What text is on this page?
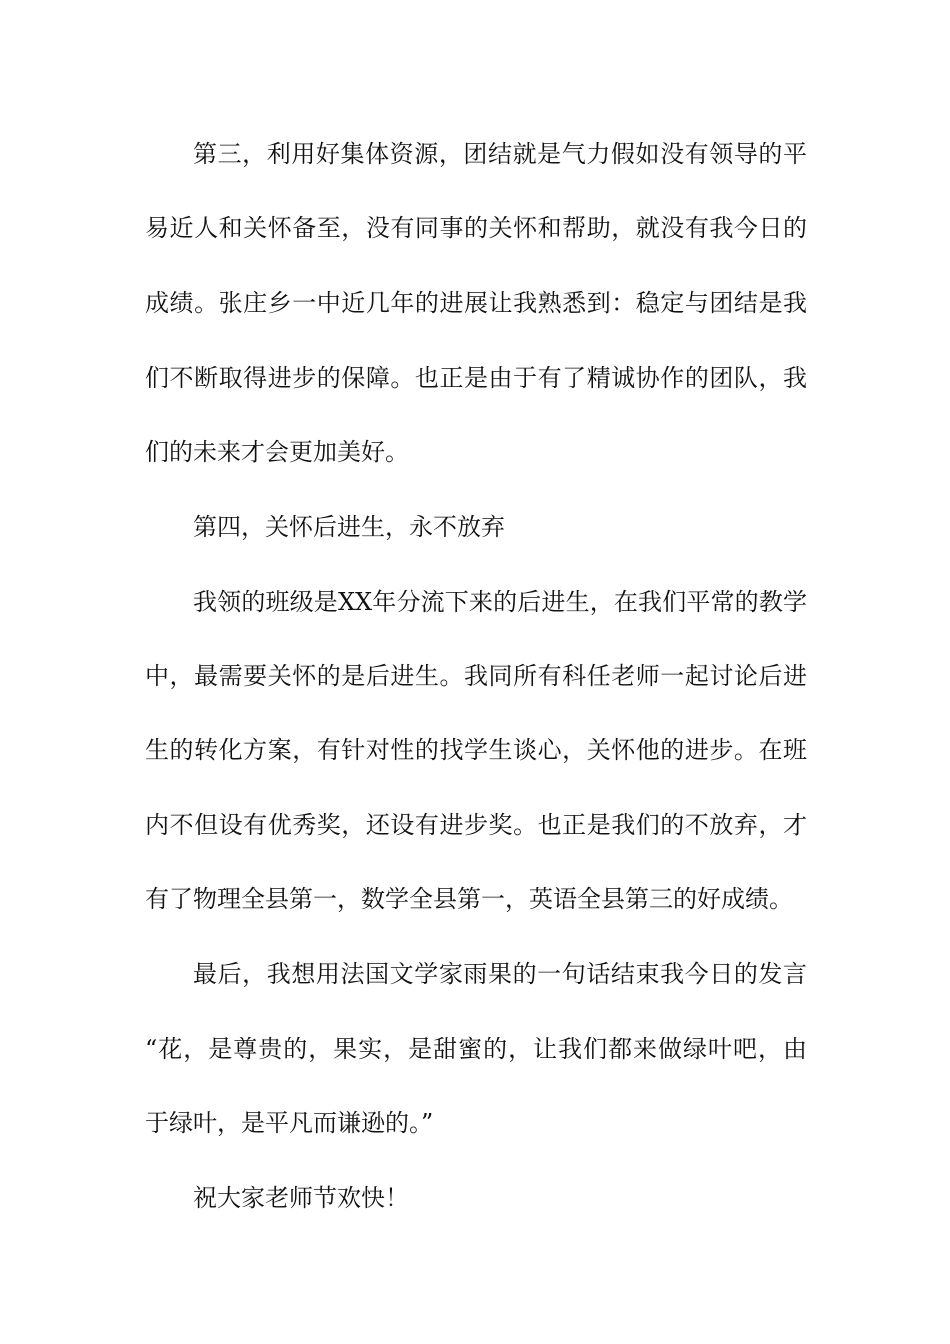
第三，利用好集体资源，团结就是气力假如没有领导的平
易近人和关怀备至，没有同事的关怀和帮助，就没有我今日的
成绩。张庄乡一中近几年的进展让我熟悉到：稳定与团结是我
们不断取得进步的保障。也正是由于有了精诚协作的团队，我
们的未来才会更加美好。
第四，关怀后进生，永不放弃
我领的班级是XX年分流下来的后进生，在我们平常的教学
中，最需要关怀的是后进生。我同所有科任老师一起讨论后进
生的转化方案，有针对性的找学生谈心，关怀他的进步。在班
内不但设有优秀奖，还设有进步奖。也正是我们的不放弃，才
有了物理全县第一，数学全县第一，英语全县第三的好成绩。
最后，我想用法国文学家雨果的一句话结束我今日的发言
“花，是尊贵的，果实，是甜蜜的，让我们都来做绿叶吧，由
于绿叶，是平凡而谦逊的。”
祝大家老师节欢快！
